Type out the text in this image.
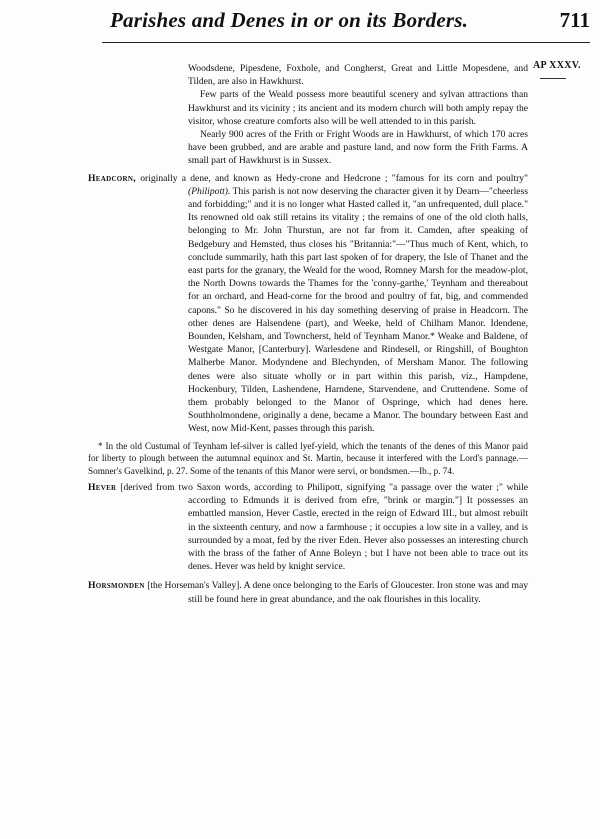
Parishes and Denes in or on its Borders.	711
AP XXXV.

Woodsdene, Pipesdene, Foxhole, and Congherst, Great and Little Mopesdene, and Tilden, are also in Hawkhurst.

Few parts of the Weald possess more beautiful scenery and sylvan attractions than Hawkhurst and its vicinity ; its ancient and its modern church will both amply repay the visitor, whose creature comforts also will be well attended to in this parish.

Nearly 900 acres of the Frith or Fright Woods are in Hawkhurst, of which 170 acres have been grubbed, and are arable and pasture land, and now form the Frith Farms. A small part of Hawkhurst is in Sussex.

Headcorn, originally a dene, and known as Hedy-crone and Hedcrone ; "famous for its corn and poultry" (Philipott). This parish is not now deserving the character given it by Dearn—"cheerless and forbidding;" and it is no longer what Hasted called it, "an unfrequented, dull place." Its renowned old oak still retains its vitality ; the remains of one of the old cloth halls, belonging to Mr. John Thurstun, are not far from it. Camden, after speaking of Bedgebury and Hemsted, thus closes his "Britannia:"—"Thus much of Kent, which, to conclude summarily, hath this part last spoken of for drapery, the Isle of Thanet and the east parts for the granary, the Weald for the wood, Romney Marsh for the meadow-plot, the North Downs towards the Thames for the 'conny-garthe,' Teynham and thereabout for an orchard, and Head-corne for the brood and poultry of fat, big, and commended capons." So he discovered in his day something deserving of praise in Headcorn. The other denes are Halsendene (part), and Weeke, held of Chilham Manor. Idendene, Bounden, Kelsham, and Towncherst, held of Teynham Manor.* Weake and Baldene, of Westgate Manor, [Canterbury]. Warlesdene and Rindesell, or Ringshill, of Boughton Malherbe Manor. Modyndene and Blechynden, of Mersham Manor. The following denes were also situate wholly or in part within this parish, viz., Hampdene, Hockenbury, Tilden, Lashendene, Harndene, Starvendene, and Cruttendene. Some of them probably belonged to the Manor of Ospringe, which had denes here. Southholmondene, originally a dene, became a Manor. The boundary between East and West, now Mid-Kent, passes through this parish.

* In the old Custumal of Teynham lef-silver is called lyef-yield, which the tenants of the denes of this Manor paid for liberty to plough between the autumnal equinox and St. Martin, because it interfered with the Lord's pannage.—Somner's Gavelkind, p. 27. Some of the tenants of this Manor were servi, or bondsmen.—Ib., p. 74.

Hever [derived from two Saxon words, according to Philipott, signifying "a passage over the water ;" while according to Edmunds it is derived from efre, "brink or margin."] It possesses an embattled mansion, Hever Castle, erected in the reign of Edward III., but almost rebuilt in the sixteenth century, and now a farmhouse ; it occupies a low site in a valley, and is surrounded by a moat, fed by the river Eden. Hever also possesses an interesting church with the brass of the father of Anne Boleyn ; but I have not been able to trace out its denes. Hever was held by knight service.

Horsmonden [the Horseman's Valley]. A dene once belonging to the Earls of Gloucester. Iron stone was and may still be found here in great abundance, and the oak flourishes in this locality.
